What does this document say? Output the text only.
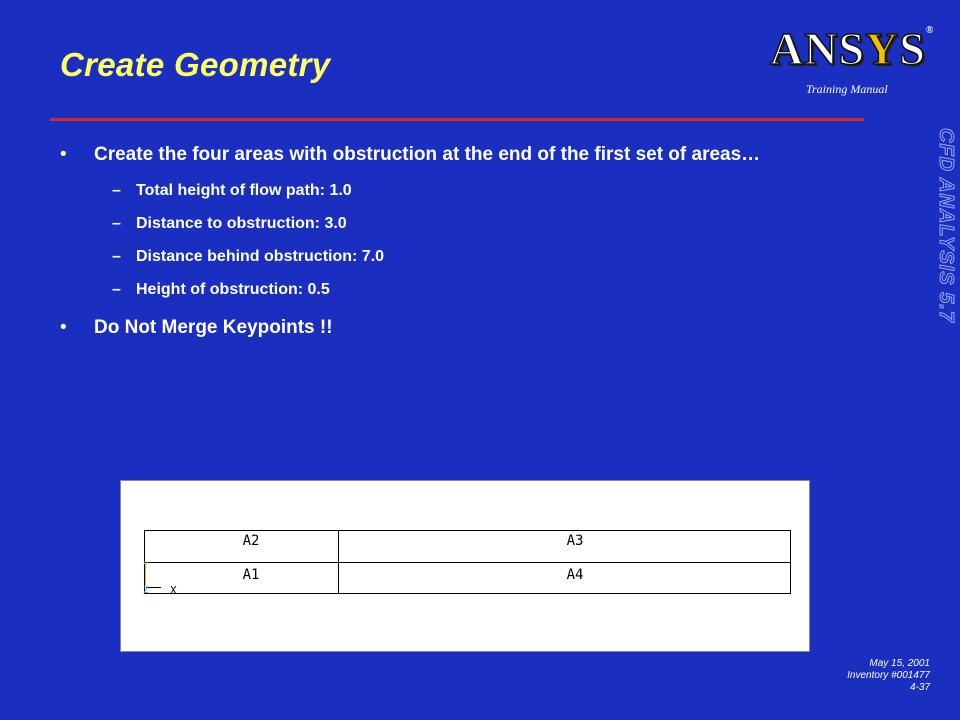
Create Geometry	ANSYS®
Training Manual
CFD ANALYSIS 5.7

• Create the four areas with obstruction at the end of the first set of areas…

– Total height of flow path: 1.0
– Distance to obstruction: 3.0
– Distance behind obstruction: 7.0
– Height of obstruction: 0.5

• Do Not Merge Keypoints !!

A2	A3
A1	A4
Y
Z X
May 15, 2001
Inventory #001477
4-37
